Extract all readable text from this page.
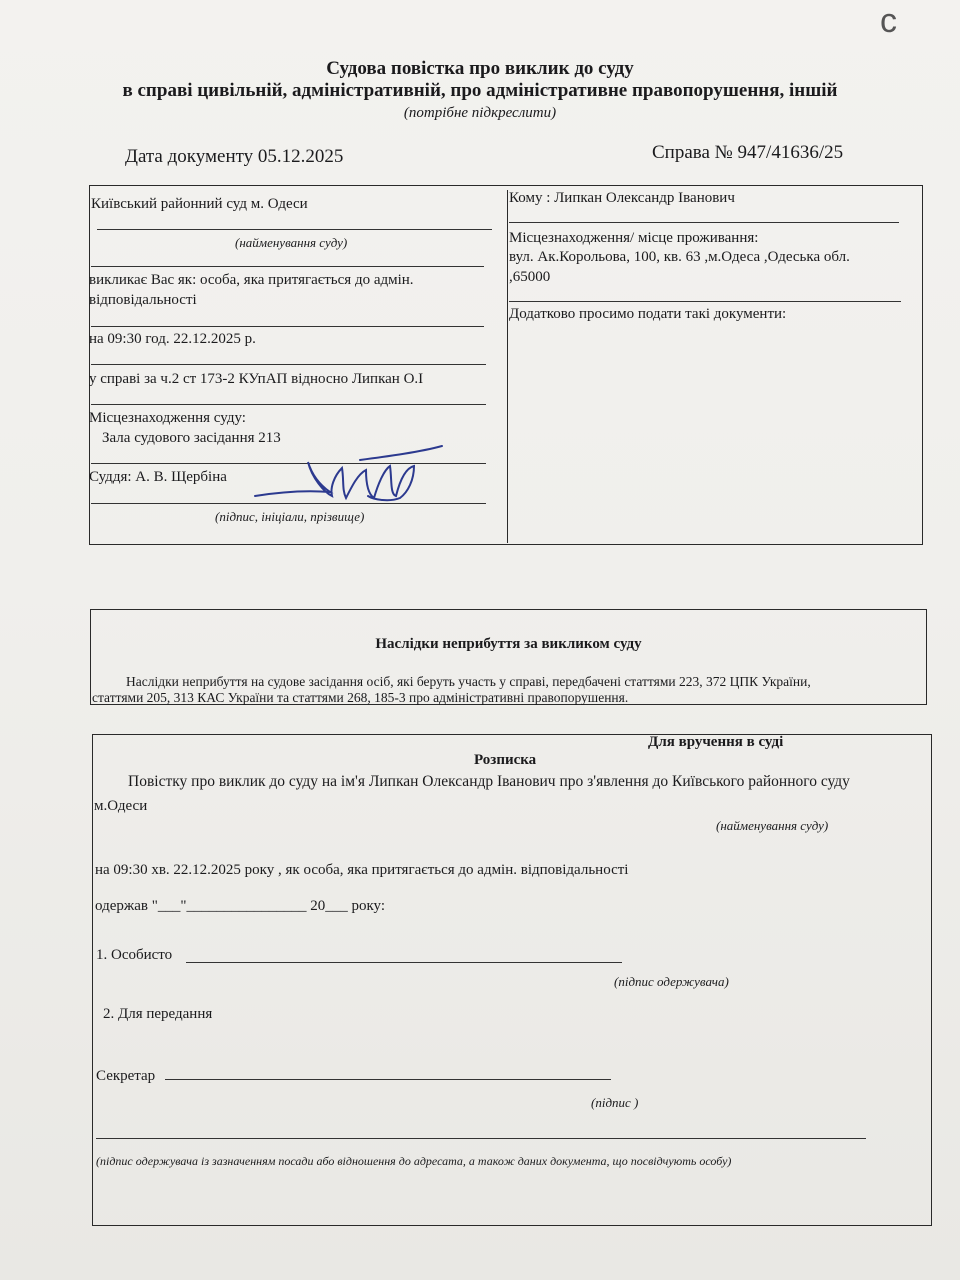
с
Судова повістка про виклик до суду
в справі цивільній, адміністративній, про адміністративне правопорушення, іншій
(потрібне підкреслити)
Дата документу 05.12.2025	Справа № 947/41636/25
Київський районний суд м. Одеси
(найменування суду)
викликає Вас як: особа, яка притягається до адмін.
відповідальності
на 09:30 год. 22.12.2025 р.
у справі за ч.2 ст 173-2 КУпАП відносно Липкан О.І
Місцезнаходження суду:
Зала судового засідання 213
Суддя: А. В. Щербіна
(підпис, ініціали, прізвище)
Кому : Липкан Олександр Іванович
Місцезнаходження/ місце проживання:
вул. Ак.Корольова, 100, кв. 63 ,м.Одеса ,Одеська обл.
,65000
Додатково просимо подати такі документи:
Наслідки неприбуття за викликом суду
Наслідки неприбуття на судове засідання осіб, які беруть участь у справі, передбачені статтями 223, 372 ЦПК України,
статтями 205, 313 КАС України та статтями 268, 185-3 про адміністративні правопорушення.
Для вручення в суді
Розписка
Повістку про виклик до суду на ім'я Липкан Олександр Іванович про з'явлення до Київського районного суду
м.Одеси
(найменування суду)
на 09:30 хв. 22.12.2025 року , як особа, яка притягається до адмін. відповідальності
одержав "___"________________ 20___ року:
1. Особисто
(підпис одержувача)
2. Для передання
Секретар
(підпис )
(підпис одержувача із зазначенням посади або відношення до адресата, а також даних документа, що посвідчують особу)
